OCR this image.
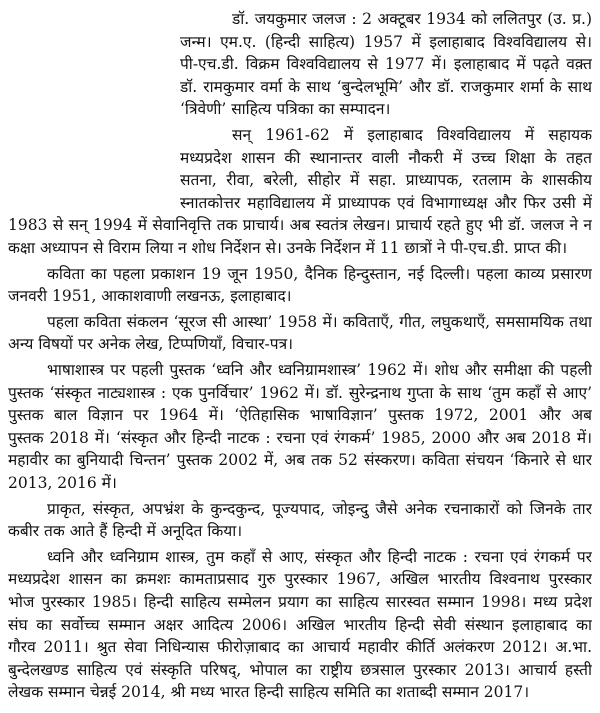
डॉ. जयकुमार जलज : 2 अक्टूबर 1934 को ललितपुर (उ. प्र.)
जन्म। एम.ए. (हिन्दी साहित्य) 1957 में इलाहाबाद विश्वविद्यालय से।
पी-एच.डी. विक्रम विश्वविद्यालय से 1977 में। इलाहाबाद में पढ़ते वक़्त
डॉ. रामकुमार वर्मा के साथ ‘बुन्देलभूमि’ और डॉ. राजकुमार शर्मा के साथ
‘त्रिवेणी’ साहित्य पत्रिका का सम्पादन।
सन् 1961-62 में इलाहाबाद विश्वविद्यालय में सहायक
मध्यप्रदेश शासन की स्थानान्तर वाली नौकरी में उच्च शिक्षा के तहत
सतना, रीवा, बरेली, सीहोर में सहा. प्राध्यापक, रतलाम के शासकीय
स्नातकोत्तर महाविद्यालय में प्राध्यापक एवं विभागाध्यक्ष और फिर उसी में
1983 से सन् 1994 में सेवानिवृत्ति तक प्राचार्य। अब स्वतंत्र लेखन। प्राचार्य रहते हुए भी डॉ. जलज ने न
कक्षा अध्यापन से विराम लिया न शोध निर्देशन से। उनके निर्देशन में 11 छात्रों ने पी-एच.डी. प्राप्त की।
कविता का पहला प्रकाशन 19 जून 1950, दैनिक हिन्दुस्तान, नई दिल्ली। पहला काव्य प्रसारण
जनवरी 1951, आकाशवाणी लखनऊ, इलाहाबाद।
पहला कविता संकलन ‘सूरज सी आस्था’ 1958 में। कविताएँ, गीत, लघुकथाएँ, समसामयिक तथा
अन्य विषयों पर अनेक लेख, टिप्पणियाँ, विचार-पत्र।
भाषाशास्त्र पर पहली पुस्तक ‘ध्वनि और ध्वनिग्रामशास्त्र’ 1962 में। शोध और समीक्षा की पहली
पुस्तक ‘संस्कृत नाट्यशास्त्र : एक पुनर्विचार’ 1962 में। डॉ. सुरेन्द्रनाथ गुप्ता के साथ ‘तुम कहाँ से आए’
पुस्तक बाल विज्ञान पर 1964 में। ‘ऐतिहासिक भाषाविज्ञान’ पुस्तक 1972, 2001 और अब
पुस्तक 2018 में। ‘संस्कृत और हिन्दी नाटक : रचना एवं रंगकर्म’ 1985, 2000 और अब 2018 में।
महावीर का बुनियादी चिन्तन’ पुस्तक 2002 में, अब तक 52 संस्करण। कविता संचयन ‘किनारे से धार
2013, 2016 में।
प्राकृत, संस्कृत, अपभ्रंश के कुन्दकुन्द, पूज्यपाद, जोइन्दु जैसे अनेक रचनाकारों को जिनके तार
कबीर तक आते हैं हिन्दी में अनूदित किया।
ध्वनि और ध्वनिग्राम शास्त्र, तुम कहाँ से आए, संस्कृत और हिन्दी नाटक : रचना एवं रंगकर्म पर
मध्यप्रदेश शासन का क्रमशः कामताप्रसाद गुरु पुरस्कार 1967, अखिल भारतीय विश्वनाथ पुरस्कार
भोज पुरस्कार 1985। हिन्दी साहित्य सम्मेलन प्रयाग का साहित्य सारस्वत सम्मान 1998। मध्य प्रदेश
संघ का सर्वोच्च सम्मान अक्षर आदित्य 2006। अखिल भारतीय हिन्दी सेवी संस्थान इलाहाबाद का
गौरव 2011। श्रुत सेवा निधिन्यास फीरोज़ाबाद का आचार्य महावीर कीर्ति अलंकरण 2012। अ.भा.
बुन्देलखण्ड साहित्य एवं संस्कृति परिषद्, भोपाल का राष्ट्रीय छत्रसाल पुरस्कार 2013। आचार्य हस्ती
लेखक सम्मान चेन्नई 2014, श्री मध्य भारत हिन्दी साहित्य समिति का शताब्दी सम्मान 2017।
